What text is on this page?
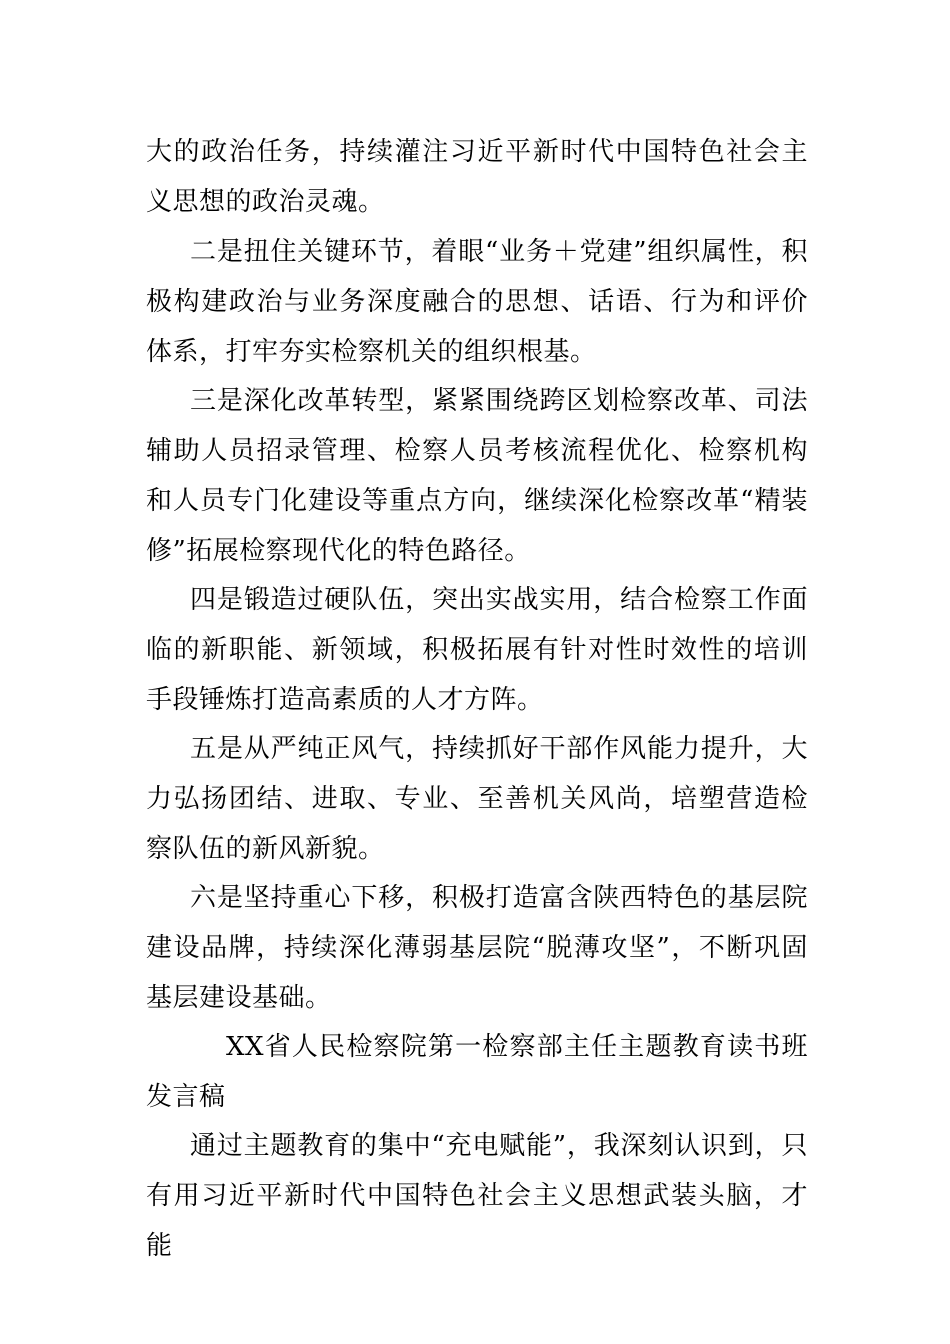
大的政治任务，持续灌注习近平新时代中国特色社会主义思想的政治灵魂。

二是扭住关键环节，着眼“业务＋党建”组织属性，积极构建政治与业务深度融合的思想、话语、行为和评价体系，打牢夯实检察机关的组织根基。

三是深化改革转型，紧紧围绕跨区划检察改革、司法辅助人员招录管理、检察人员考核流程优化、检察机构和人员专门化建设等重点方向，继续深化检察改革“精装修”拓展检察现代化的特色路径。

四是锻造过硬队伍，突出实战实用，结合检察工作面临的新职能、新领域，积极拓展有针对性时效性的培训手段锤炼打造高素质的人才方阵。

五是从严纯正风气，持续抓好干部作风能力提升，大力弘扬团结、进取、专业、至善机关风尚，培塑营造检察队伍的新风新貌。

六是坚持重心下移，积极打造富含陕西特色的基层院建设品牌，持续深化薄弱基层院“脱薄攻坚”，不断巩固基层建设基础。

XX省人民检察院第一检察部主任主题教育读书班发言稿

通过主题教育的集中“充电赋能”，我深刻认识到，只有用习近平新时代中国特色社会主义思想武装头脑，才能
